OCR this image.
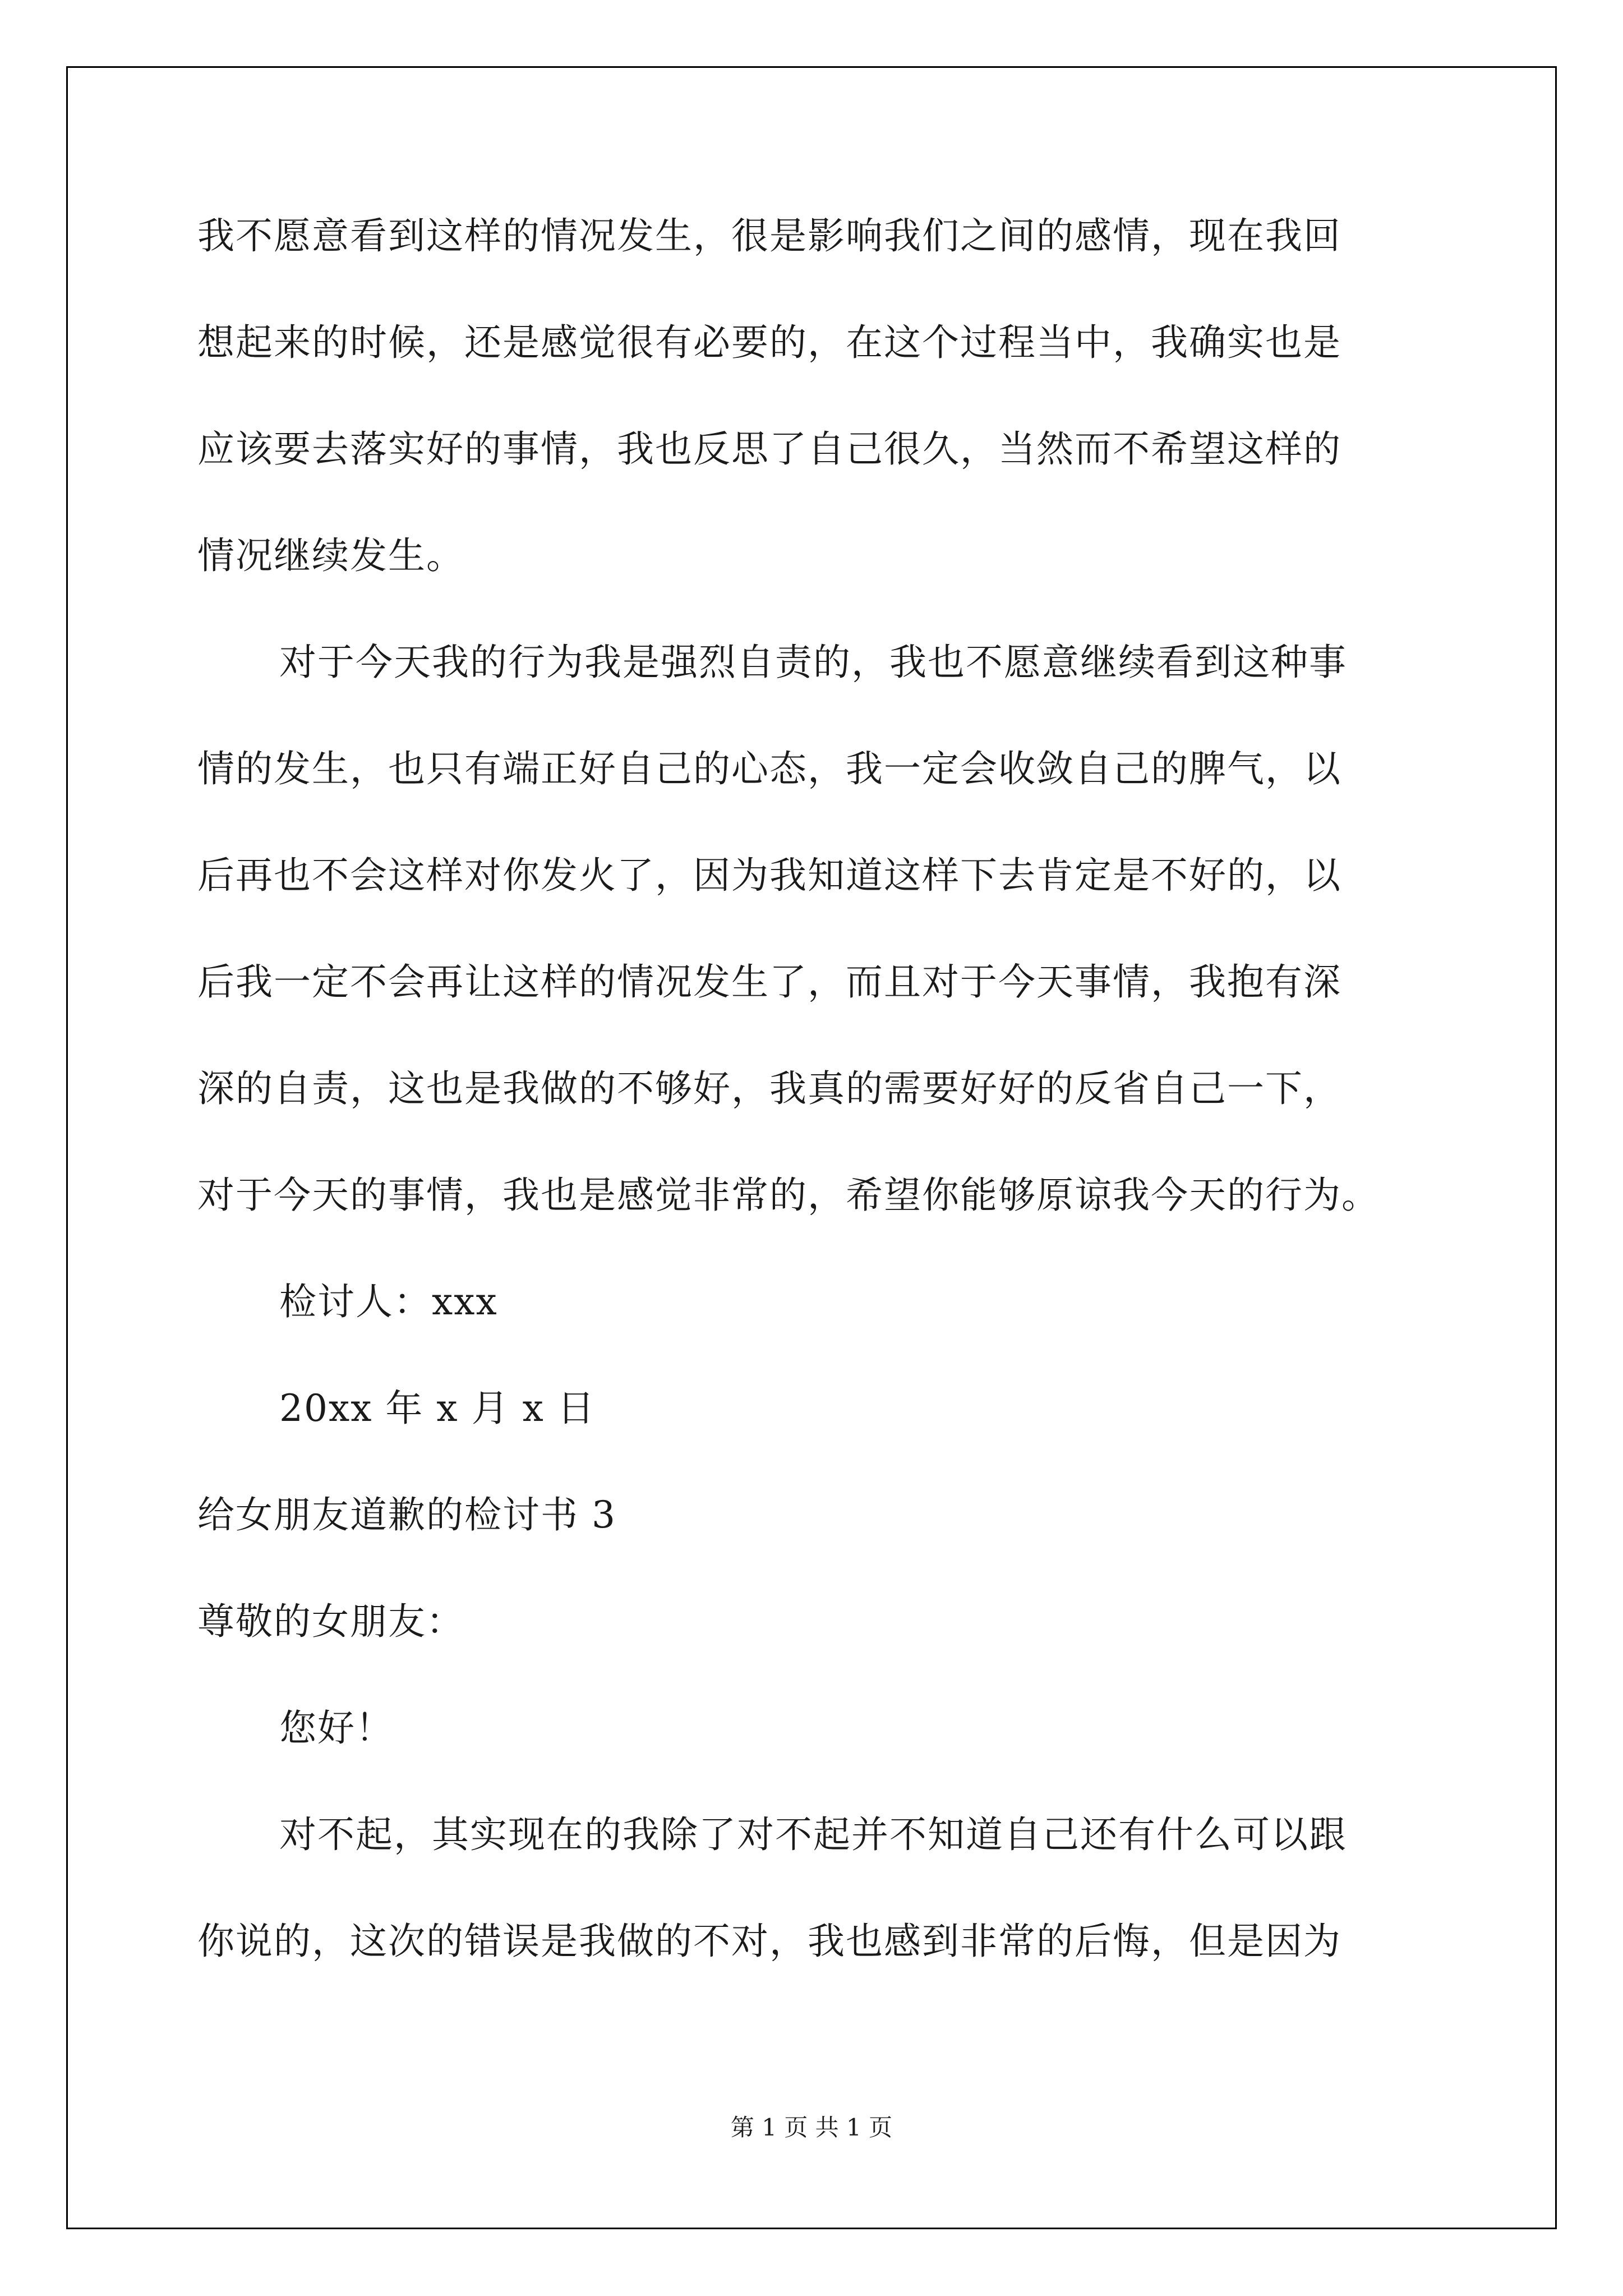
我不愿意看到这样的情况发生，很是影响我们之间的感情，现在我回
想起来的时候，还是感觉很有必要的，在这个过程当中，我确实也是
应该要去落实好的事情，我也反思了自己很久，当然而不希望这样的
情况继续发生。
对于今天我的行为我是强烈自责的，我也不愿意继续看到这种事
情的发生，也只有端正好自己的心态，我一定会收敛自己的脾气，以
后再也不会这样对你发火了，因为我知道这样下去肯定是不好的，以
后我一定不会再让这样的情况发生了，而且对于今天事情，我抱有深
深的自责，这也是我做的不够好，我真的需要好好的反省自己一下，
对于今天的事情，我也是感觉非常的，希望你能够原谅我今天的行为。
检讨人：xxx
20xx 年 x 月 x 日
给女朋友道歉的检讨书 3
尊敬的女朋友：
您好！
对不起，其实现在的我除了对不起并不知道自己还有什么可以跟
你说的，这次的错误是我做的不对，我也感到非常的后悔，但是因为
第 1 页 共 1 页
